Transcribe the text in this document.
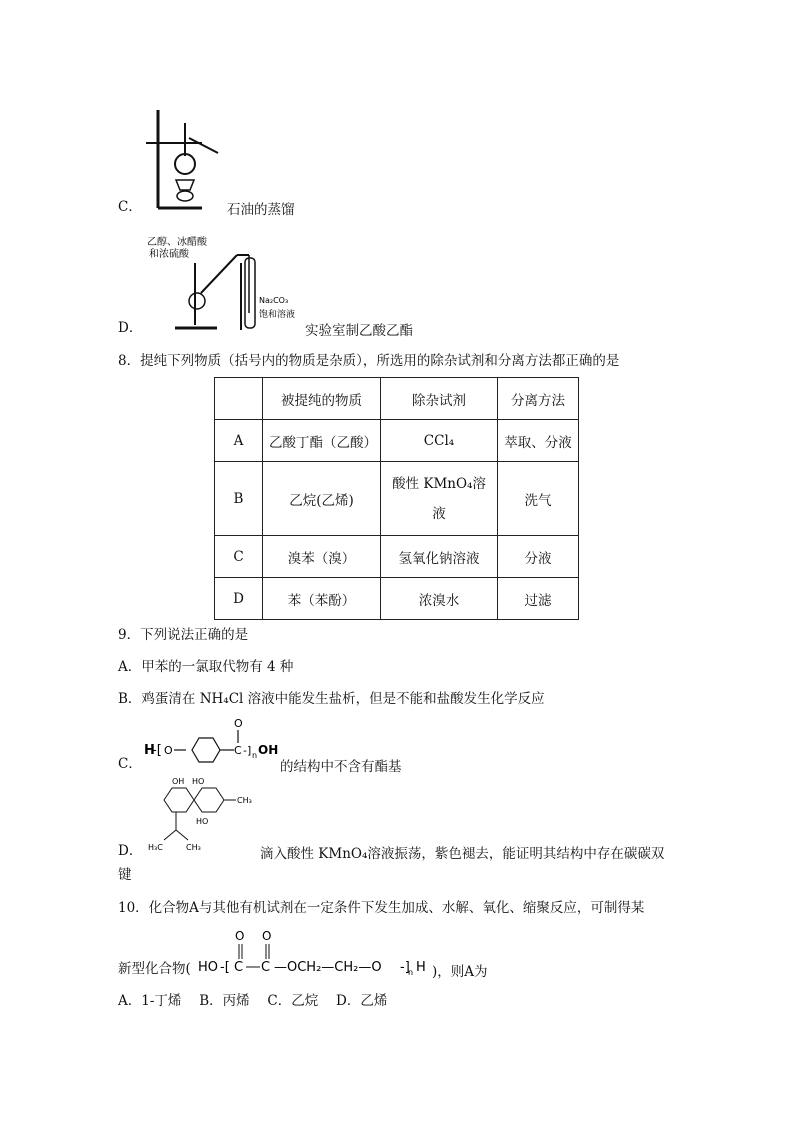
C．	石油的蒸馏
乙醇、冰醋酸
和浓硫酸
Na₂CO₃
饱和溶液
D．	实验室制乙酸乙酯
8．提纯下列物质（括号内的物质是杂质），所选用的除杂试剂和分离方法都正确的是
	被提纯的物质	除杂试剂	分离方法
A	乙酸丁酯（乙酸）	CCl₄	萃取、分液
B	乙烷(乙烯)	酸性 KMnO₄溶液	洗气
C	溴苯（溴）	氢氧化钠溶液	分液
D	苯（苯酚）	浓溴水	过滤
9．下列说法正确的是
A．甲苯的一氯取代物有 4 种
B．鸡蛋清在 NH₄Cl 溶液中能发生盐析，但是不能和盐酸发生化学反应
H
-[ O	C
O
-] n OH
C．	的结构中不含有酯基
OH HO
CH₃
HO
H₃C	CH₃
D．	滴入酸性 KMnO₄溶液振荡，紫色褪去，能证明其结构中存在碳碳双
键
10．化合物A与其他有机试剂在一定条件下发生加成、水解、氧化、缩聚反应，可制得某
新型化合物( HO -[ C
O
C
O
—OCH₂—CH₂—O -]
n H )，则A为
A．1-丁烯　 B．丙烯　 C．乙烷　 D．乙烯
